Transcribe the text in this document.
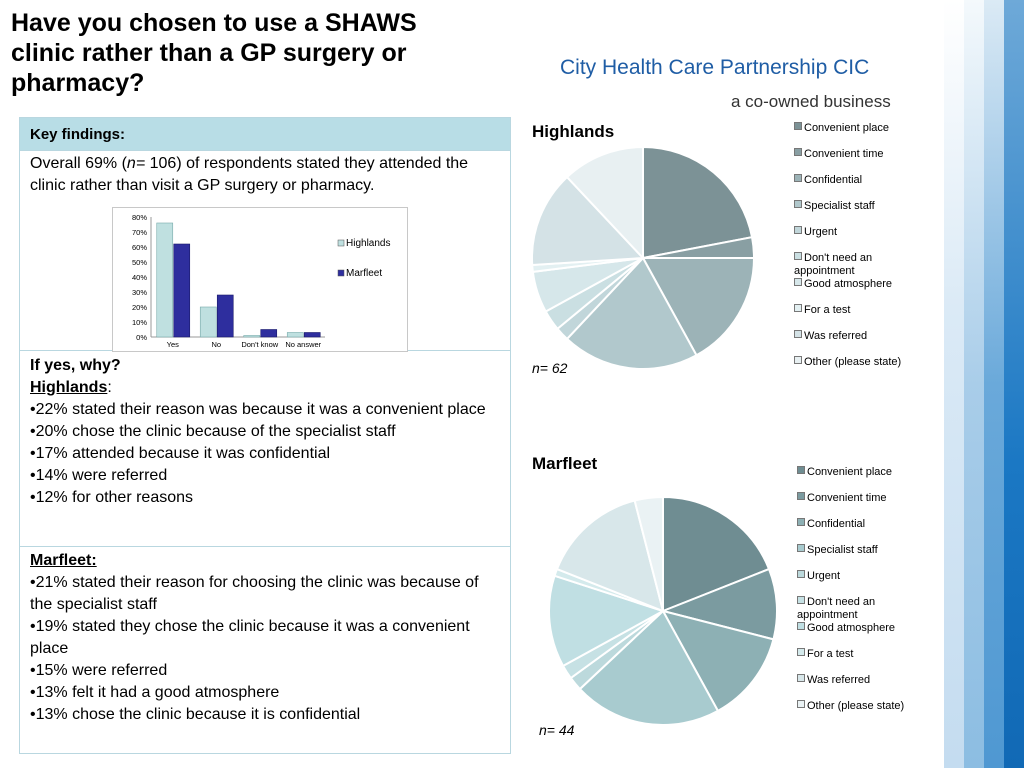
Have you chosen to use a SHAWS clinic rather than a GP surgery or pharmacy?
City Health Care Partnership CIC
a co-owned business
Key findings:
Overall 69% (n= 106) of respondents stated they attended the clinic rather than visit a GP surgery or pharmacy.
If yes, why?
Highlands:
•22% stated their reason was because it was a convenient place
•20% chose the clinic because of the specialist staff
•17% attended because it was confidential
•14% were referred
•12% for other reasons
Marfleet:
•21% stated their reason for choosing the clinic was because of the specialist staff
•19% stated they chose the clinic because it was a convenient place
•15% were referred
•13% felt it had a good atmosphere
•13% chose the clinic because it is confidential
0%
10%
20%
30%
40%
50%
60%
70%
80%
Yes	No	Don't know No answer
Highlands
Marfleet
Highlands
n= 62
Convenient place
Convenient time
Confidential
Specialist staff
Urgent
Don't need an appointment
Good atmosphere
For a test
Was referred
Other (please state)
Marfleet
n= 44
Convenient place
Convenient time
Confidential
Specialist staff
Urgent
Don't need an appointment
Good atmosphere
For a test
Was referred
Other (please state)
